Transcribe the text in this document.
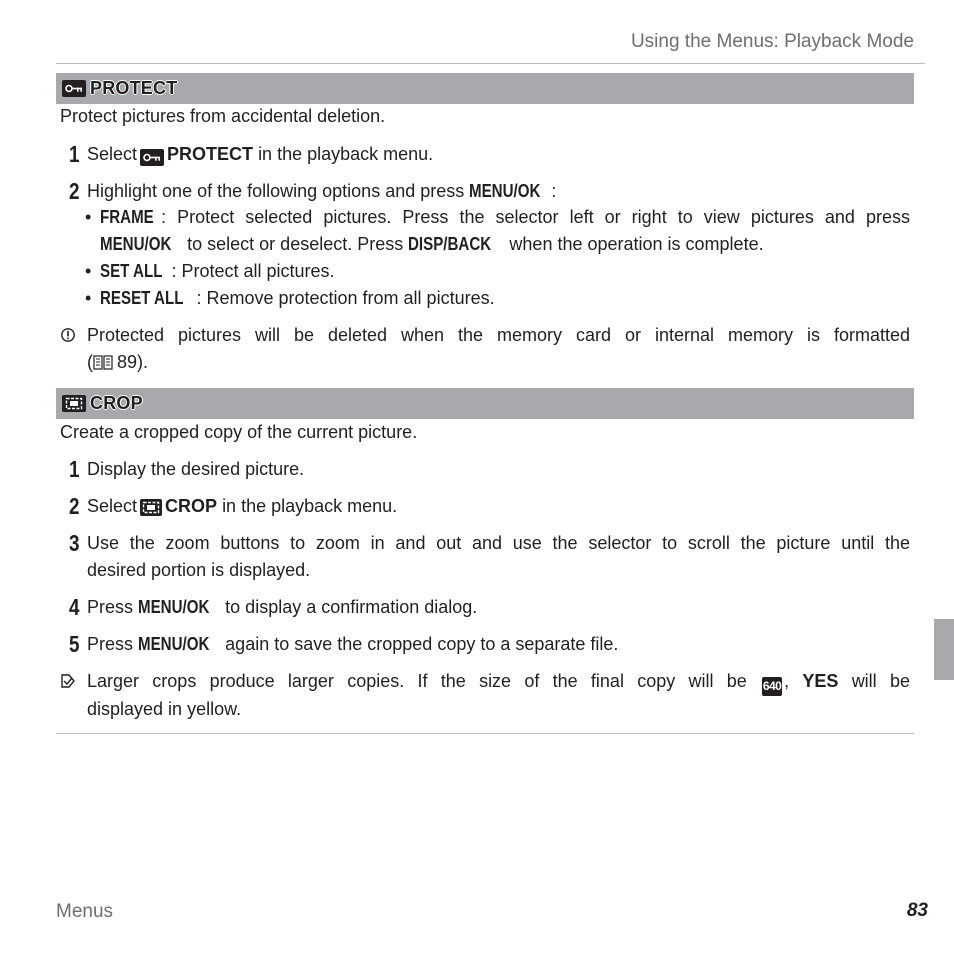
Using the Menus: Playback Mode
PROTECT
Protect pictures from accidental deletion.
1 Select PROTECT in the playback menu.
2 Highlight one of the following options and press MENU/OK :
• FRAME : Protect selected pictures. Press the selector left or right to view pictures and press MENU/OK to select or deselect. Press DISP/BACK when the operation is complete.
• SET ALL : Protect all pictures.
• RESET ALL : Remove protection from all pictures.
Protected pictures will be deleted when the memory card or internal memory is formatted
( 89).
CROP
Create a cropped copy of the current picture.
1 Display the desired picture.
2 Select CROP in the playback menu.
3 Use the zoom buttons to zoom in and out and use the selector to scroll the picture until the
desired portion is displayed.
4 Press MENU/OK to display a confirmation dialog.
5 Press MENU/OK again to save the cropped copy to a separate file.
Larger crops produce larger copies. If the size of the final copy will be 640 , YES will be
displayed in yellow.
Menus	83
